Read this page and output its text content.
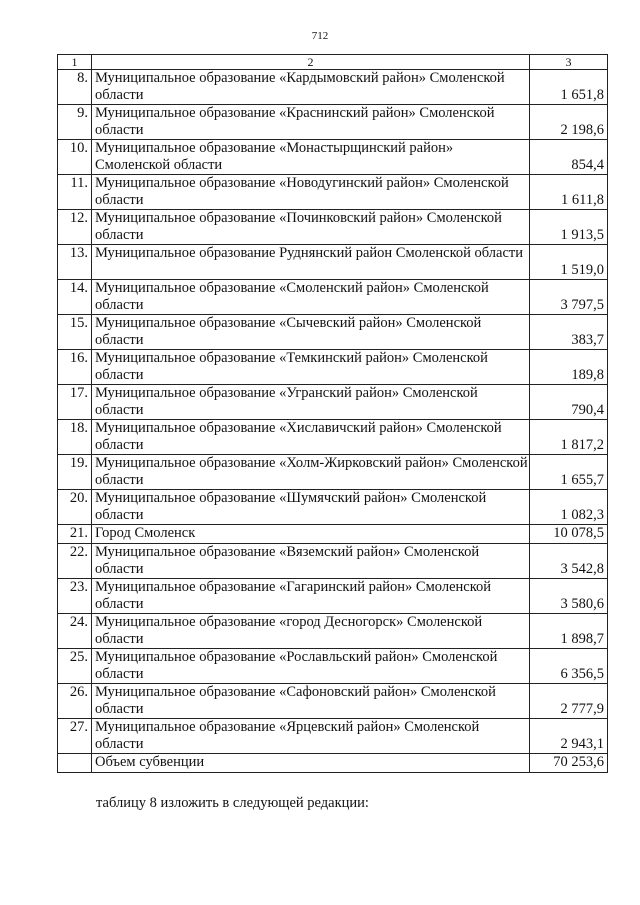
712
1	2	3
8.	Муниципальное образование «Кардымовский район» Смоленской области	1 651,8
9.	Муниципальное образование «Краснинский район» Смоленской области	2 198,6
10.	Муниципальное образование «Монастырщинский район» Смоленской области	854,4
11.	Муниципальное образование «Новодугинский район» Смоленской области	1 611,8
12.	Муниципальное образование «Починковский район» Смоленской области	1 913,5
13.	Муниципальное образование Руднянский район Смоленской области	1 519,0
14.	Муниципальное образование «Смоленский район» Смоленской области	3 797,5
15.	Муниципальное образование «Сычевский район» Смоленской области	383,7
16.	Муниципальное образование «Темкинский район» Смоленской области	189,8
17.	Муниципальное образование «Угранский район» Смоленской области	790,4
18.	Муниципальное образование «Хиславичский район» Смоленской области	1 817,2
19.	Муниципальное образование «Холм-Жирковский район» Смоленской области	1 655,7
20.	Муниципальное образование «Шумячский район» Смоленской области	1 082,3
21.	Город Смоленск	10 078,5
22.	Муниципальное образование «Вяземский район» Смоленской области	3 542,8
23.	Муниципальное образование «Гагаринский район» Смоленской области	3 580,6
24.	Муниципальное образование «город Десногорск» Смоленской области	1 898,7
25.	Муниципальное образование «Рославльский район» Смоленской области	6 356,5
26.	Муниципальное образование «Сафоновский район» Смоленской области	2 777,9
27.	Муниципальное образование «Ярцевский район» Смоленской области	2 943,1
	Объем субвенции	70 253,6
таблицу 8 изложить в следующей редакции:
